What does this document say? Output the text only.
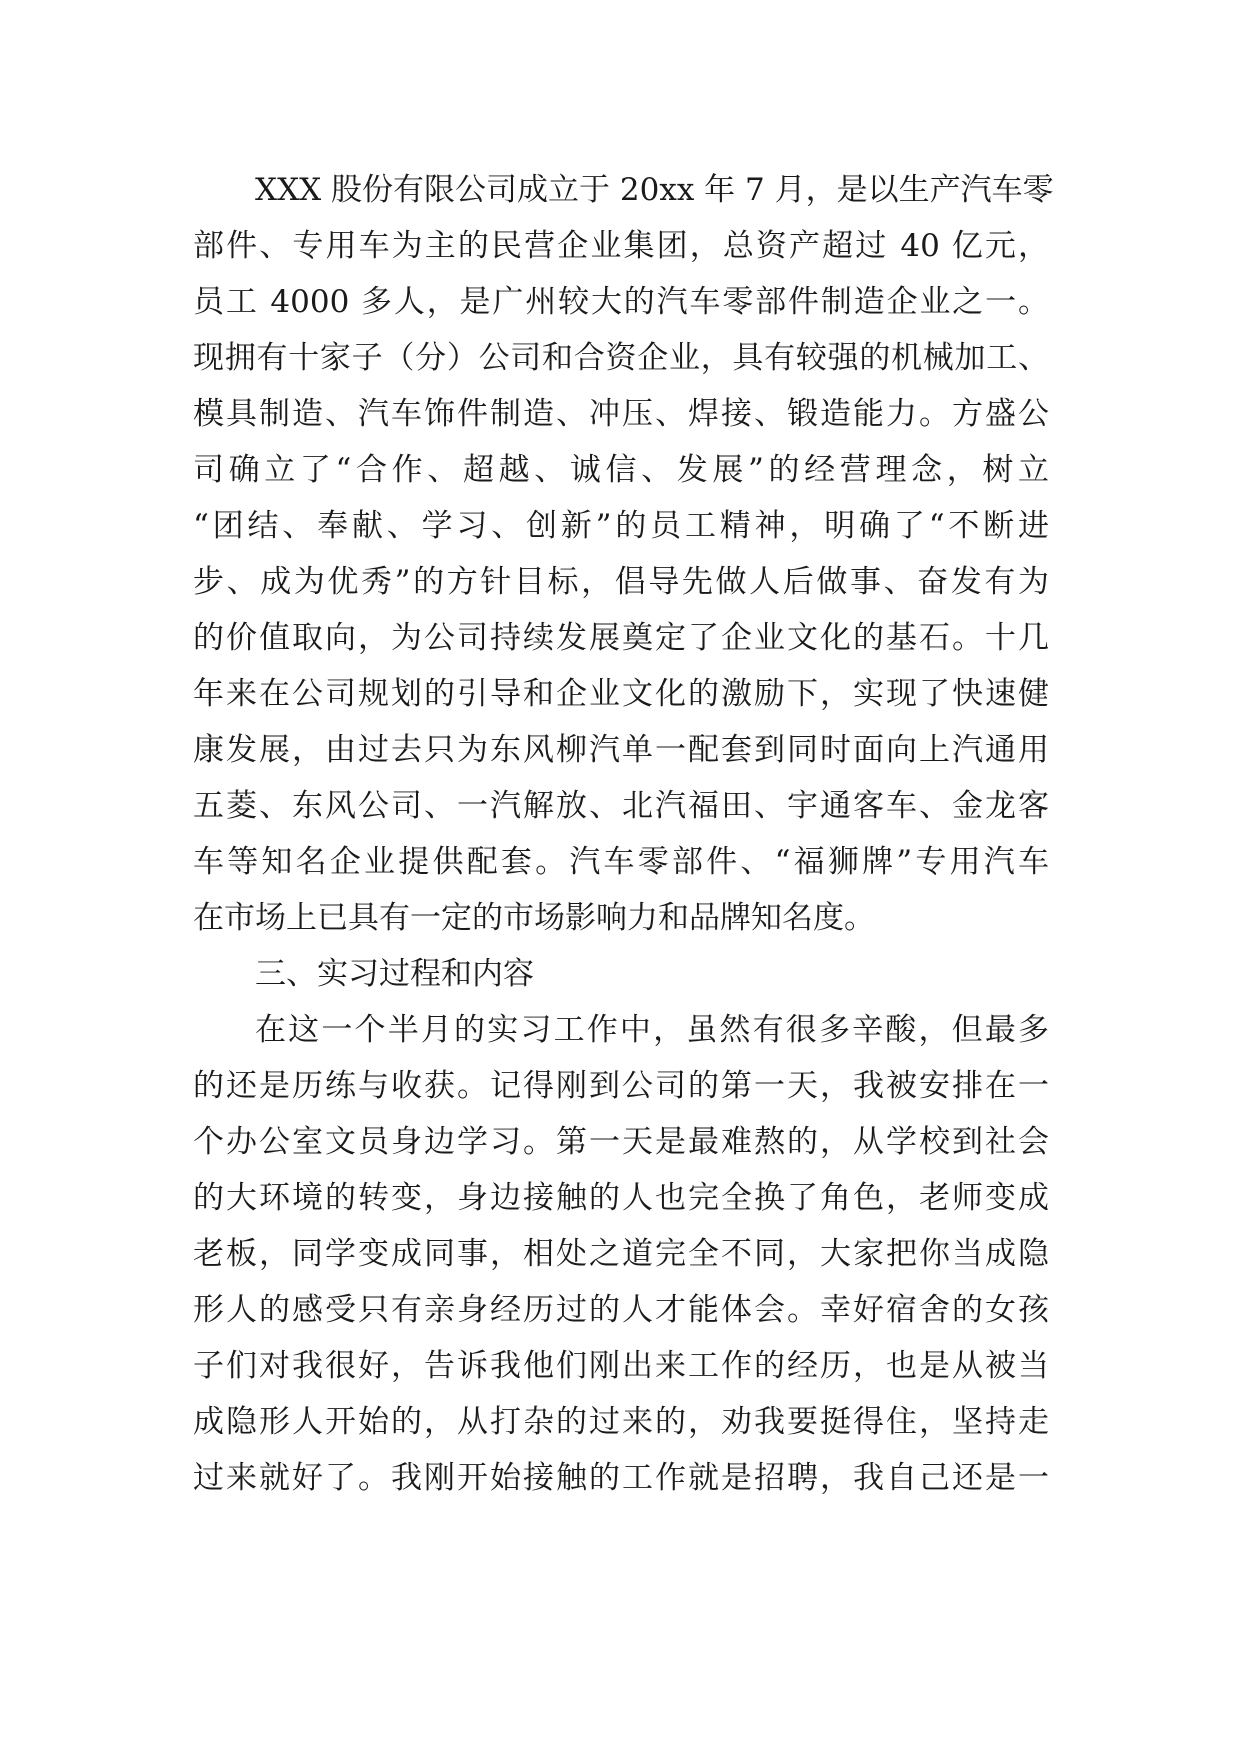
XXX 股份有限公司成立于 20xx 年 7 月，是以生产汽车零
部件、专用车为主的民营企业集团，总资产超过 40 亿元，
员工 4000 多人，是广州较大的汽车零部件制造企业之一。
现拥有十家子（分）公司和合资企业，具有较强的机械加工、
模具制造、汽车饰件制造、冲压、焊接、锻造能力。方盛公
司确立了“合作、超越、诚信、发展”的经营理念，树立
“团结、奉献、学习、创新”的员工精神，明确了“不断进
步、成为优秀”的方针目标，倡导先做人后做事、奋发有为
的价值取向，为公司持续发展奠定了企业文化的基石。十几
年来在公司规划的引导和企业文化的激励下，实现了快速健
康发展，由过去只为东风柳汽单一配套到同时面向上汽通用
五菱、东风公司、一汽解放、北汽福田、宇通客车、金龙客
车等知名企业提供配套。汽车零部件、“福狮牌”专用汽车
在市场上已具有一定的市场影响力和品牌知名度。
三、实习过程和内容
在这一个半月的实习工作中，虽然有很多辛酸，但最多
的还是历练与收获。记得刚到公司的第一天，我被安排在一
个办公室文员身边学习。第一天是最难熬的，从学校到社会
的大环境的转变，身边接触的人也完全换了角色，老师变成
老板，同学变成同事，相处之道完全不同，大家把你当成隐
形人的感受只有亲身经历过的人才能体会。幸好宿舍的女孩
子们对我很好，告诉我他们刚出来工作的经历，也是从被当
成隐形人开始的，从打杂的过来的，劝我要挺得住，坚持走
过来就好了。我刚开始接触的工作就是招聘，我自己还是一
